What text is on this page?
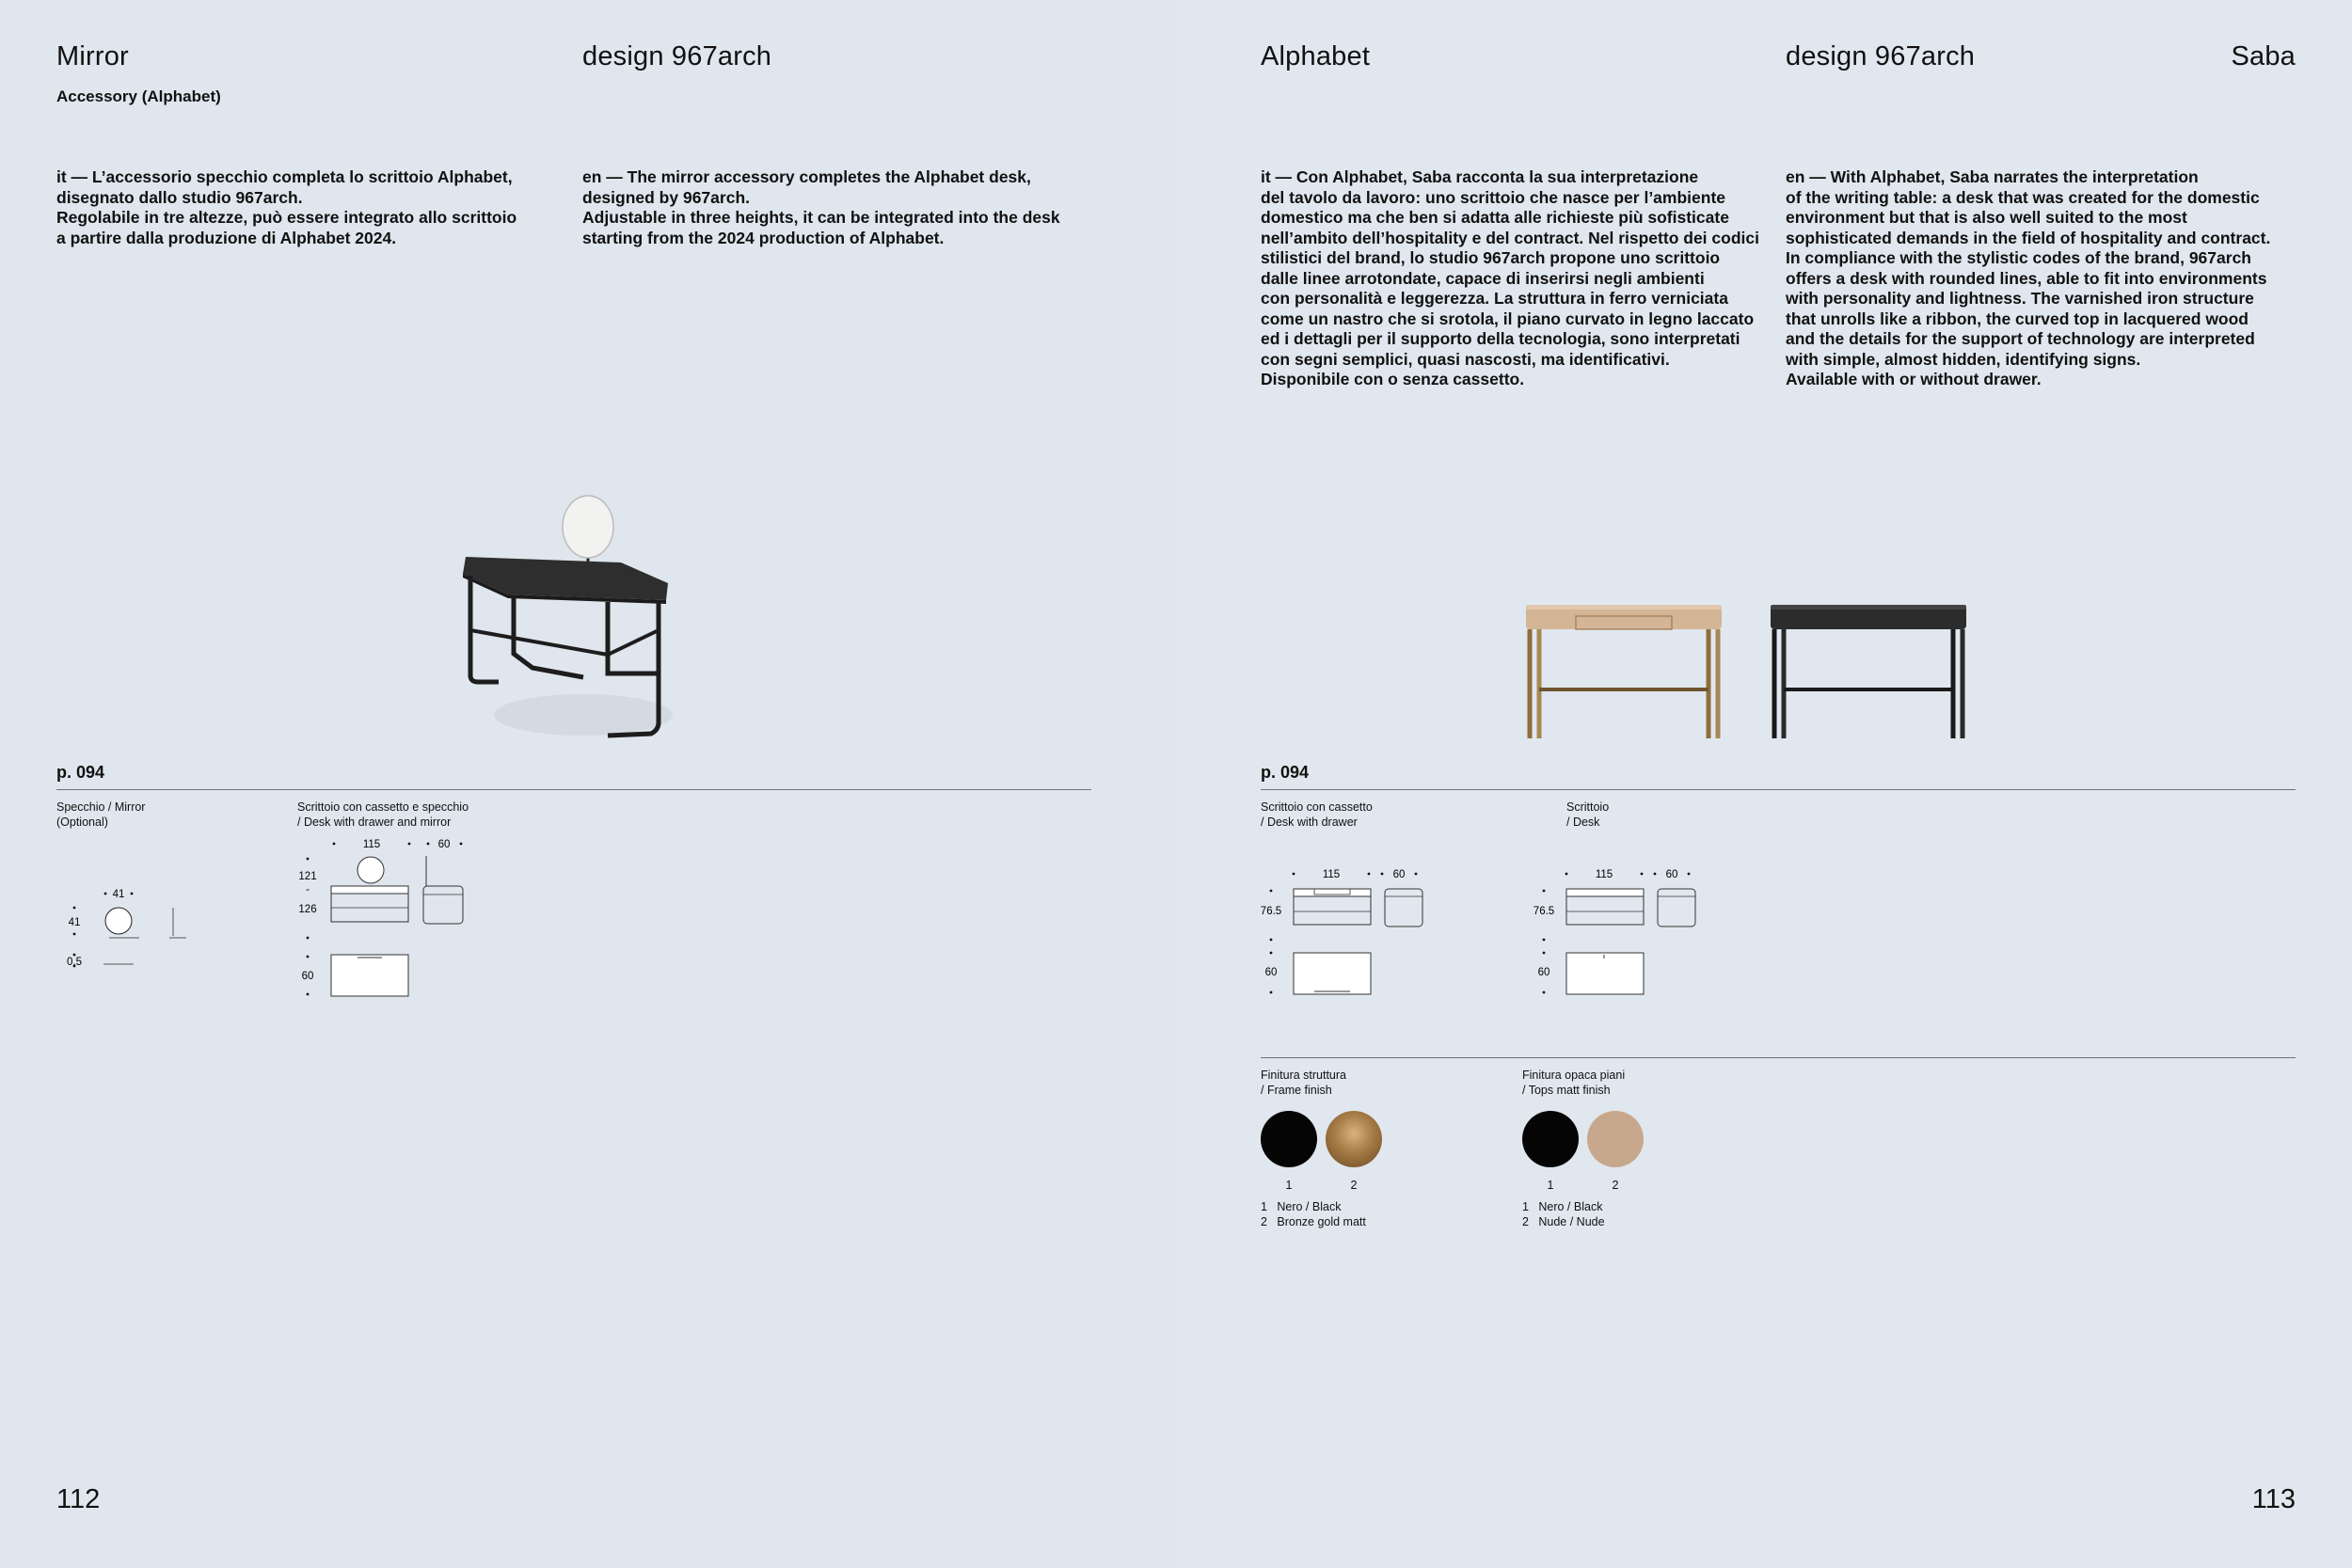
Mirror
Accessory (Alphabet)
design 967arch
it — L’accessorio specchio completa lo scrittoio Alphabet,
disegnato dallo studio 967arch.
Regolabile in tre altezze, può essere integrato allo scrittoio
a partire dalla produzione di Alphabet 2024.
en — The mirror accessory completes the Alphabet desk,
designed by 967arch.
Adjustable in three heights, it can be integrated into the desk
starting from the 2024 production of Alphabet.
p. 094
Specchio / Mirror
(Optional)
Scrittoio con cassetto e specchio
/ Desk with drawer and mirror
41
41
0.5
115	60
121
-
126
60
112
Alphabet	design 967arch	Saba
it — Con Alphabet, Saba racconta la sua interpretazione
del tavolo da lavoro: uno scrittoio che nasce per l’ambiente
domestico ma che ben si adatta alle richieste più sofisticate
nell’ambito dell’hospitality e del contract. Nel rispetto dei codici
stilistici del brand, lo studio 967arch propone uno scrittoio
dalle linee arrotondate, capace di inserirsi negli ambienti
con personalità e leggerezza. La struttura in ferro verniciata
come un nastro che si srotola, il piano curvato in legno laccato
ed i dettagli per il supporto della tecnologia, sono interpretati
con segni semplici, quasi nascosti, ma identificativi.
Disponibile con o senza cassetto.
en — With Alphabet, Saba narrates the interpretation
of the writing table: a desk that was created for the domestic
environment but that is also well suited to the most
sophisticated demands in the field of hospitality and contract.
In compliance with the stylistic codes of the brand, 967arch
offers a desk with rounded lines, able to fit into environments
with personality and lightness. The varnished iron structure
that unrolls like a ribbon, the curved top in lacquered wood
and the details for the support of technology are interpreted
with simple, almost hidden, identifying signs.
Available with or without drawer.
p. 094
Scrittoio con cassetto
/ Desk with drawer
Scrittoio
/ Desk
115	60
76.5
60
115	60
76.5
60
Finitura struttura
/ Frame finish
1	2
1   Nero / Black
2   Bronze gold matt
Finitura opaca piani
/ Tops matt finish
1	2
1   Nero / Black
2   Nude / Nude
113
